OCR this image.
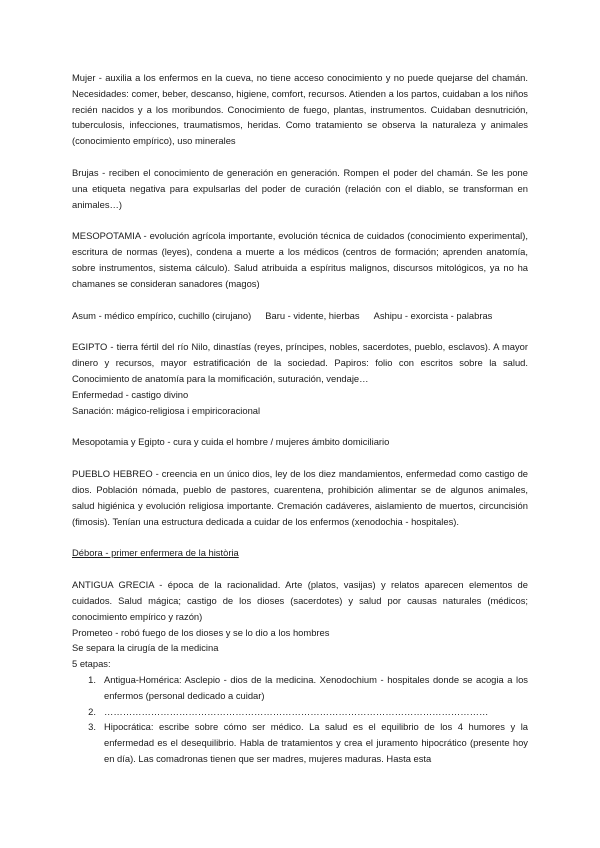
Mujer - auxilia a los enfermos en la cueva, no tiene acceso conocimiento y no puede quejarse del chamán. Necesidades: comer, beber, descanso, higiene, comfort, recursos. Atienden a los partos, cuidaban a los niños recién nacidos y a los moribundos. Conocimiento de fuego, plantas, instrumentos. Cuidaban desnutrición, tuberculosis, infecciones, traumatismos, heridas. Como tratamiento se observa la naturaleza y animales (conocimiento empírico), uso minerales

Brujas - reciben el conocimiento de generación en generación. Rompen el poder del chamán. Se les pone una etiqueta negativa para expulsarlas del poder de curación (relación con el diablo, se transforman en animales…)

MESOPOTAMIA - evolución agrícola importante, evolución técnica de cuidados (conocimiento experimental), escritura de normas (leyes), condena a muerte a los médicos (centros de formación; aprenden anatomía, sobre instrumentos, sistema cálculo). Salud atribuida a espíritus malignos, discursos mitológicos, ya no ha chamanes se consideran sanadores (magos)

Asum - médico empírico, cuchillo (cirujano) Baru - vidente, hierbas Ashipu - exorcista - palabras

EGIPTO - tierra fértil del río Nilo, dinastías (reyes, príncipes, nobles, sacerdotes, pueblo, esclavos). A mayor dinero y recursos, mayor estratificación de la sociedad. Papiros: folio con escritos sobre la salud. Conocimiento de anatomía para la momificación, suturación, vendaje…

Enfermedad - castigo divino

Sanación: mágico-religiosa i empiricoracional

Mesopotamia y Egipto - cura y cuida el hombre / mujeres ámbito domiciliario

PUEBLO HEBREO - creencia en un único dios, ley de los diez mandamientos, enfermedad como castigo de dios. Población nómada, pueblo de pastores, cuarentena, prohibición alimentar se de algunos animales, salud higiénica y evolución religiosa importante. Cremación cadáveres, aislamiento de muertos, circuncisión (fimosis). Tenían una estructura dedicada a cuidar de los enfermos (xenodochia - hospitales).

Débora - primer enfermera de la història

ANTIGUA GRECIA - época de la racionalidad. Arte (platos, vasijas) y relatos aparecen elementos de cuidados. Salud mágica; castigo de los dioses (sacerdotes) y salud por causas naturales (médicos; conocimiento empírico y razón)

Prometeo - robó fuego de los dioses y se lo dio a los hombres

Se separa la cirugía de la medicina

5 etapas:

1. Antigua-Homérica: Asclepio - dios de la medicina. Xenodochium - hospitales donde se acogia a los enfermos (personal dedicado a cuidar)
2. ……………………………………………………………………………………………………………
3. Hipocrática: escribe sobre cómo ser médico. La salud es el equilibrio de los 4 humores y la enfermedad es el desequilibrio. Habla de tratamientos y crea el juramento hipocrático (presente hoy en día). Las comadronas tienen que ser madres, mujeres maduras. Hasta esta
